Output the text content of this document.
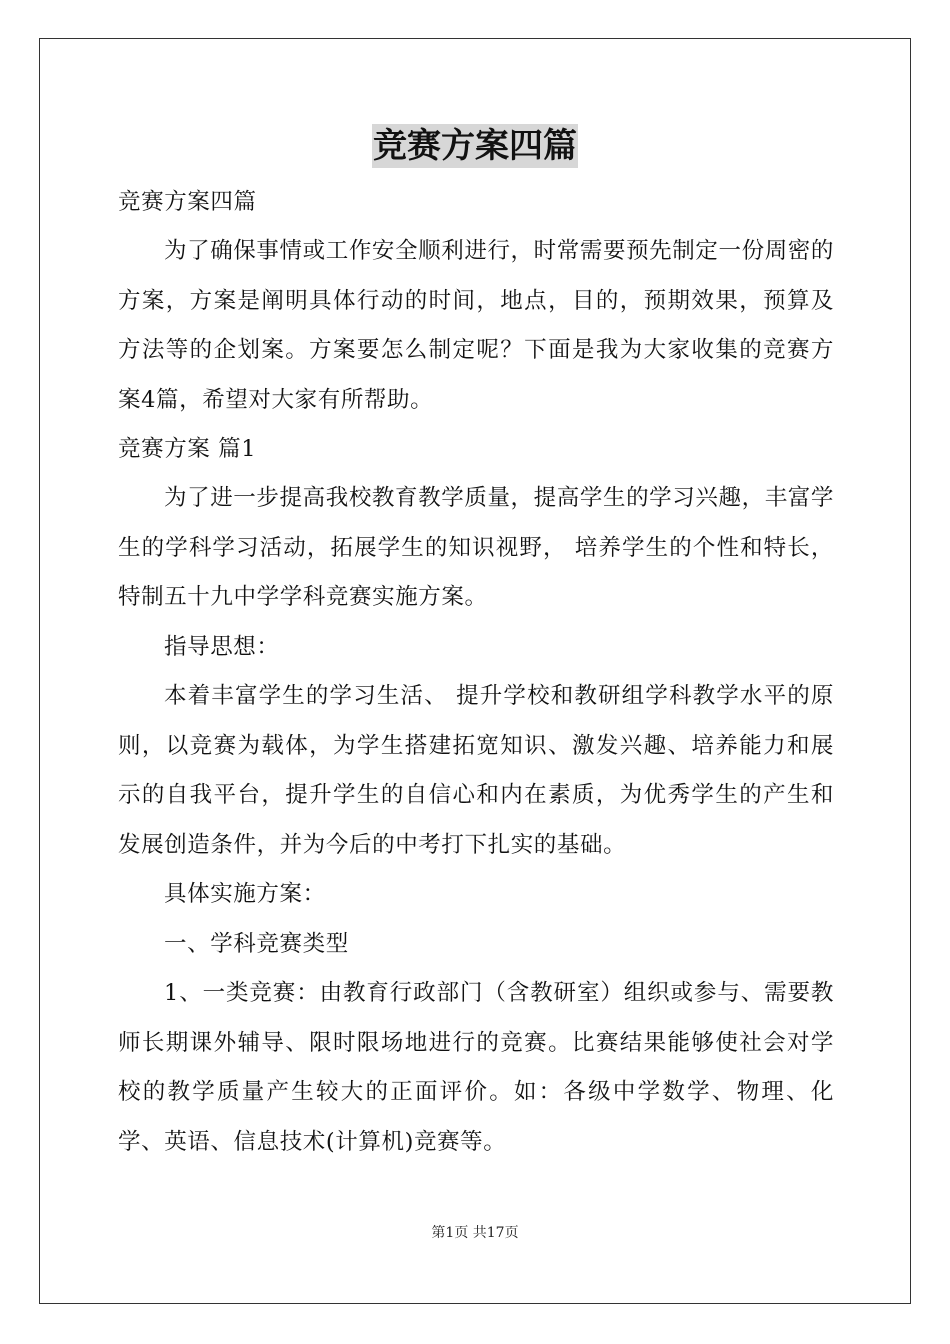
竞赛方案四篇
竞赛方案四篇

为了确保事情或工作安全顺利进行，时常需要预先制定一份周密的方案，方案是阐明具体行动的时间，地点，目的，预期效果，预算及方法等的企划案。方案要怎么制定呢？下面是我为大家收集的竞赛方案4篇，希望对大家有所帮助。

竞赛方案 篇1

为了进一步提高我校教育教学质量，提高学生的学习兴趣，丰富学生的学科学习活动，拓展学生的知识视野， 培养学生的个性和特长，特制五十九中学学科竞赛实施方案。

指导思想：

本着丰富学生的学习生活、 提升学校和教研组学科教学水平的原则，以竞赛为载体，为学生搭建拓宽知识、激发兴趣、培养能力和展示的自我平台，提升学生的自信心和内在素质，为优秀学生的产生和发展创造条件，并为今后的中考打下扎实的基础。

具体实施方案：

一、学科竞赛类型

1、一类竞赛：由教育行政部门（含教研室）组织或参与、需要教师长期课外辅导、限时限场地进行的竞赛。比赛结果能够使社会对学校的教学质量产生较大的正面评价。如：各级中学数学、物理、化学、英语、信息技术(计算机)竞赛等。

第1页 共17页
